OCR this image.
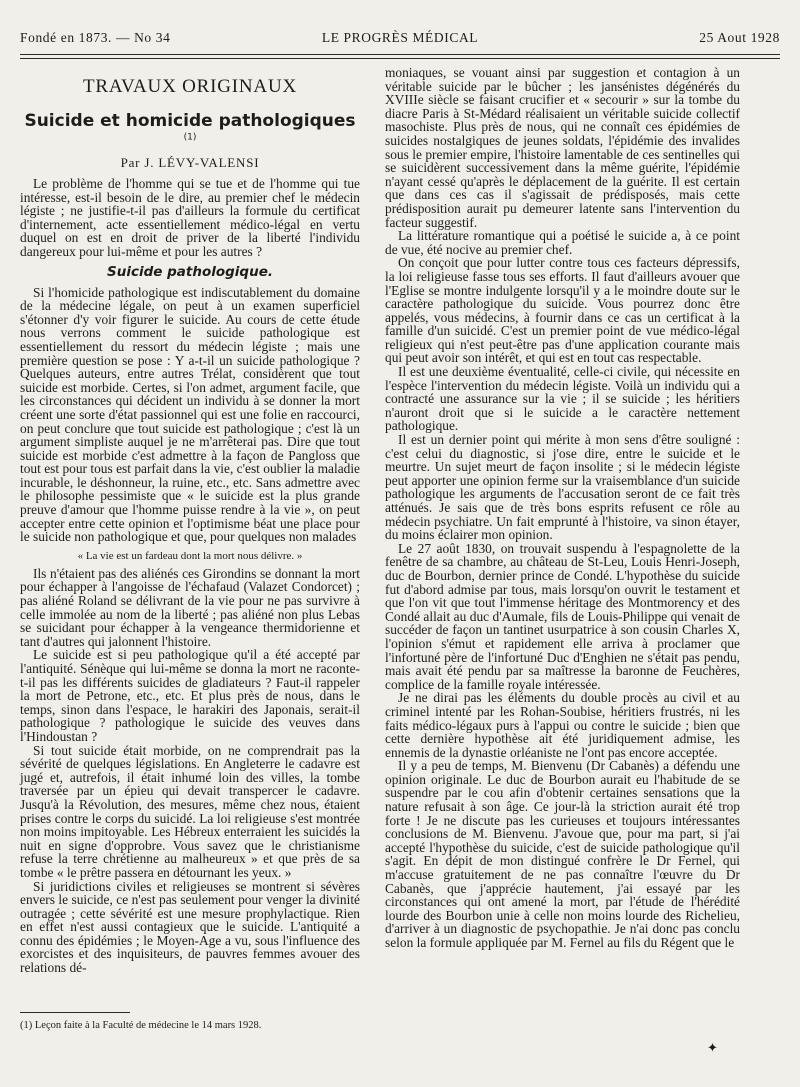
Fondé en 1873. — No 34	LE PROGRÈS MÉDICAL	25 Aout 1928
TRAVAUX ORIGINAUX
Suicide et homicide pathologiques $^{(1)}$
Par J. LÉVY-VALENSI

Le problème de l'homme qui se tue et de l'homme qui tue intéresse, est-il besoin de le dire, au premier chef le médecin légiste ; ne justifie-t-il pas d'ailleurs la formule du certificat d'internement, acte essentiellement médico-légal en vertu duquel on est en droit de priver de la liberté l'individu dangereux pour lui-même et pour les autres ?

Suicide pathologique.

Si l'homicide pathologique est indiscutablement du domaine de la médecine légale, on peut à un examen superficiel s'étonner d'y voir figurer le suicide. Au cours de cette étude nous verrons comment le suicide pathologique est essentiellement du ressort du médecin légiste ; mais une première question se pose : Y a-t-il un suicide pathologique ? Quelques auteurs, entre autres Trélat, considèrent que tout suicide est morbide. Certes, si l'on admet, argument facile, que les circonstances qui décident un individu à se donner la mort créent une sorte d'état passionnel qui est une folie en raccourci, on peut conclure que tout suicide est pathologique ; c'est là un argument simpliste auquel je ne m'arrêterai pas. Dire que tout suicide est morbide c'est admettre à la façon de Pangloss que tout est pour tous est parfait dans la vie, c'est oublier la maladie incurable, le déshonneur, la ruine, etc., etc. Sans admettre avec le philosophe pessimiste que « le suicide est la plus grande preuve d'amour que l'homme puisse rendre à la vie », on peut accepter entre cette opinion et l'optimisme béat une place pour le suicide non pathologique et que, pour quelques non malades

« La vie est un fardeau dont la mort nous délivre. »

Ils n'étaient pas des aliénés ces Girondins se donnant la mort pour échapper à l'angoisse de l'échafaud (Valazet Condorcet) ; pas aliéné Roland se délivrant de la vie pour ne pas survivre à celle immolée au nom de la liberté ; pas aliéné non plus Lebas se suicidant pour échapper à la vengeance thermidorienne et tant d'autres qui jalonnent l'histoire.

Le suicide est si peu pathologique qu'il a été accepté par l'antiquité. Sénèque qui lui-même se donna la mort ne raconte-t-il pas les différents suicides de gladiateurs ? Faut-il rappeler la mort de Petrone, etc., etc. Et plus près de nous, dans le temps, sinon dans l'espace, le harakiri des Japonais, serait-il pathologique ? pathologique le suicide des veuves dans l'Hindoustan ?

Si tout suicide était morbide, on ne comprendrait pas la sévérité de quelques législations. En Angleterre le cadavre est jugé et, autrefois, il était inhumé loin des villes, la tombe traversée par un épieu qui devait transpercer le cadavre. Jusqu'à la Révolution, des mesures, même chez nous, étaient prises contre le corps du suicidé. La loi religieuse s'est montrée non moins impitoyable. Les Hébreux enterraient les suicidés la nuit en signe d'opprobre. Vous savez que le christianisme refuse la terre chrétienne au malheureux » et que près de sa tombe « le prêtre passera en détournant les yeux. »

Si juridictions civiles et religieuses se montrent si sévères envers le suicide, ce n'est pas seulement pour venger la divinité outragée ; cette sévérité est une mesure prophylactique. Rien en effet n'est aussi contagieux que le suicide. L'antiquité a connu des épidémies ; le Moyen-Age a vu, sous l'influence des exorcistes et des inquisiteurs, de pauvres femmes avouer des relations dé-

(1) Leçon faite à la Faculté de médecine le 14 mars 1928.

moniaques, se vouant ainsi par suggestion et contagion à un véritable suicide par le bûcher ; les jansénistes dégénérés du XVIIIe siècle se faisant crucifier et « secourir » sur la tombe du diacre Paris à St-Médard réalisaient un véritable suicide collectif masochiste. Plus près de nous, qui ne connaît ces épidémies de suicides nostalgiques de jeunes soldats, l'épidémie des invalides sous le premier empire, l'histoire lamentable de ces sentinelles qui se suicidèrent successivement dans la même guérite, l'épidémie n'ayant cessé qu'après le déplacement de la guérite. Il est certain que dans ces cas il s'agissait de prédisposés, mais cette prédisposition aurait pu demeurer latente sans l'intervention du facteur suggestif.

La littérature romantique qui a poétisé le suicide a, à ce point de vue, été nocive au premier chef.

On conçoit que pour lutter contre tous ces facteurs dépressifs, la loi religieuse fasse tous ses efforts. Il faut d'ailleurs avouer que l'Eglise se montre indulgente lorsqu'il y a le moindre doute sur le caractère pathologique du suicide. Vous pourrez donc être appelés, vous médecins, à fournir dans ce cas un certificat à la famille d'un suicidé. C'est un premier point de vue médico-légal religieux qui n'est peut-être pas d'une application courante mais qui peut avoir son intérêt, et qui est en tout cas respectable.

Il est une deuxième éventualité, celle-ci civile, qui nécessite en l'espèce l'intervention du médecin légiste. Voilà un individu qui a contracté une assurance sur la vie ; il se suicide ; les héritiers n'auront droit que si le suicide a le caractère nettement pathologique.

Il est un dernier point qui mérite à mon sens d'être souligné : c'est celui du diagnostic, si j'ose dire, entre le suicide et le meurtre. Un sujet meurt de façon insolite ; si le médecin légiste peut apporter une opinion ferme sur la vraisemblance d'un suicide pathologique les arguments de l'accusation seront de ce fait très atténués. Je sais que de très bons esprits refusent ce rôle au médecin psychiatre. Un fait emprunté à l'histoire, va sinon étayer, du moins éclairer mon opinion.

Le 27 août 1830, on trouvait suspendu à l'espagnolette de la fenêtre de sa chambre, au château de St-Leu, Louis Henri-Joseph, duc de Bourbon, dernier prince de Condé. L'hypothèse du suicide fut d'abord admise par tous, mais lorsqu'on ouvrit le testament et que l'on vit que tout l'immense héritage des Montmorency et des Condé allait au duc d'Aumale, fils de Louis-Philippe qui venait de succéder de façon un tantinet usurpatrice à son cousin Charles X, l'opinion s'émut et rapidement elle arriva à proclamer que l'infortuné père de l'infortuné Duc d'Enghien ne s'était pas pendu, mais avait été pendu par sa maîtresse la baronne de Feuchères, complice de la famille royale intéressée.

Je ne dirai pas les éléments du double procès au civil et au criminel intenté par les Rohan-Soubise, héritiers frustrés, ni les faits médico-légaux purs à l'appui ou contre le suicide ; bien que cette dernière hypothèse ait été juridiquement admise, les ennemis de la dynastie orléaniste ne l'ont pas encore acceptée.

Il y a peu de temps, M. Bienvenu (Dr Cabanès) a défendu une opinion originale. Le duc de Bourbon aurait eu l'habitude de se suspendre par le cou afin d'obtenir certaines sensations que la nature refusait à son âge. Ce jour-là la striction aurait été trop forte ! Je ne discute pas les curieuses et toujours intéressantes conclusions de M. Bienvenu. J'avoue que, pour ma part, si j'ai accepté l'hypothèse du suicide, c'est de suicide pathologique qu'il s'agit. En dépit de mon distingué confrère le Dr Fernel, qui m'accuse gratuitement de ne pas connaître l'œuvre du Dr Cabanès, que j'apprécie hautement, j'ai essayé par les circonstances qui ont amené la mort, par l'étude de l'hérédité lourde des Bourbon unie à celle non moins lourde des Richelieu, d'arriver à un diagnostic de psychopathie. Je n'ai donc pas conclu selon la formule appliquée par M. Fernel au fils du Régent que le

✦
